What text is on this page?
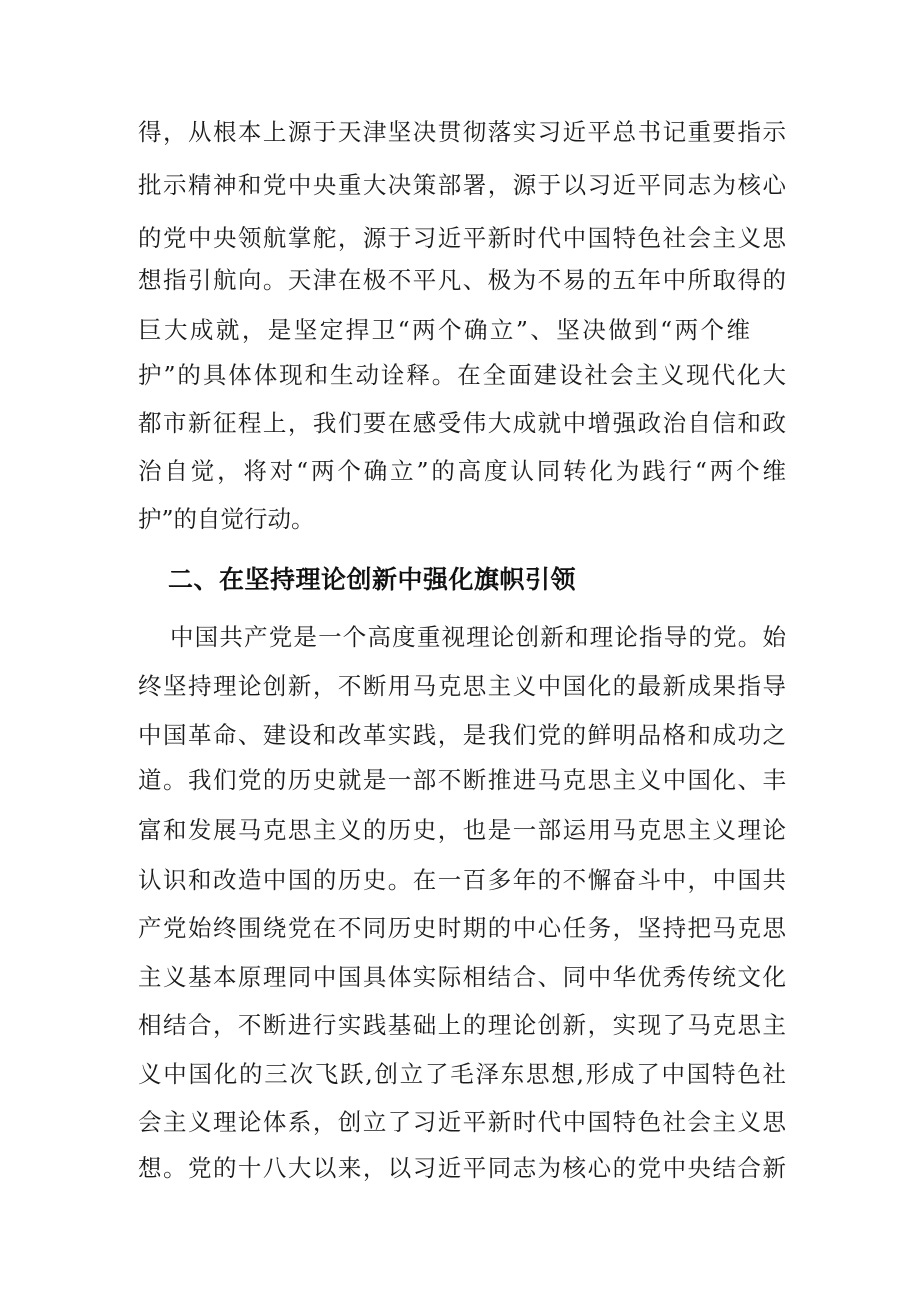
得，从根本上源于天津坚决贯彻落实习近平总书记重要指示
批示精神和党中央重大决策部署，源于以习近平同志为核心
的党中央领航掌舵，源于习近平新时代中国特色社会主义思
想指引航向。天津在极不平凡、极为不易的五年中所取得的
巨大成就，是坚定捍卫“两个确立”、坚决做到“两个维
护”的具体体现和生动诠释。在全面建设社会主义现代化大
都市新征程上，我们要在感受伟大成就中增强政治自信和政
治自觉，将对“两个确立”的高度认同转化为践行“两个维
护”的自觉行动。
二、在坚持理论创新中强化旗帜引领
中国共产党是一个高度重视理论创新和理论指导的党。始
终坚持理论创新，不断用马克思主义中国化的最新成果指导
中国革命、建设和改革实践，是我们党的鲜明品格和成功之
道。我们党的历史就是一部不断推进马克思主义中国化、丰
富和发展马克思主义的历史，也是一部运用马克思主义理论
认识和改造中国的历史。在一百多年的不懈奋斗中，中国共
产党始终围绕党在不同历史时期的中心任务，坚持把马克思
主义基本原理同中国具体实际相结合、同中华优秀传统文化
相结合，不断进行实践基础上的理论创新，实现了马克思主
义中国化的三次飞跃,创立了毛泽东思想,形成了中国特色社
会主义理论体系，创立了习近平新时代中国特色社会主义思
想。党的十八大以来，以习近平同志为核心的党中央结合新
